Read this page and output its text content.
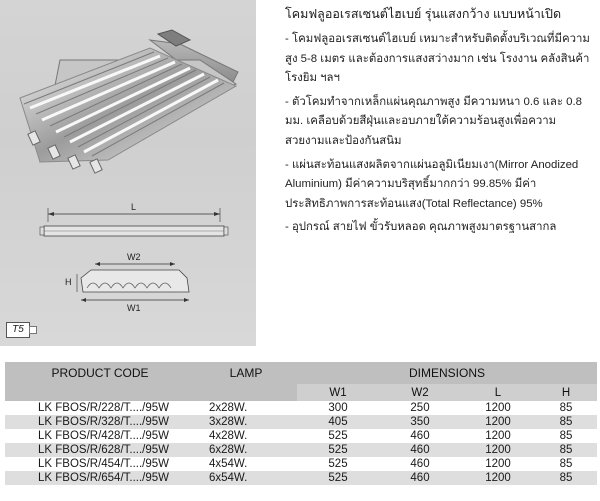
L
W2
H
W1
T5

โคมฟลูออเรสเซนต์ไฮเบย์ รุ่นแสงกว้าง แบบหน้าเปิด

- โคมฟลูออเรสเซนต์ไฮเบย์ เหมาะสำหรับติดตั้งบริเวณที่มีความสูง 5-8 เมตร และต้องการแสงสว่างมาก เช่น โรงงาน คลังสินค้า โรงยิม ฯลฯ
- ตัวโคมทำจากเหล็กแผ่นคุณภาพสูง มีความหนา 0.6 และ 0.8 มม. เคลือบด้วยสีฝุ่นและอบภายใต้ความร้อนสูงเพื่อความสวยงามและป้องกันสนิม
- แผ่นสะท้อนแสงผลิตจากแผ่นอลูมิเนียมเงา(Mirror Anodized Aluminium) มีค่าความบริสุทธิ์มากกว่า 99.85% มีค่าประสิทธิภาพการสะท้อนแสง(Total Reflectance) 95%
- อุปกรณ์ สายไฟ ขั้วรับหลอด คุณภาพสูงมาตรฐานสากล
PRODUCT CODE	LAMP	DIMENSIONS			
		W1	W2	L	H
LK FBOS/R/228/T..../95W	2x28W.	300	250	1200	85
LK FBOS/R/328/T..../95W	3x28W.	405	350	1200	85
LK FBOS/R/428/T..../95W	4x28W.	525	460	1200	85
LK FBOS/R/628/T..../95W	6x28W.	525	460	1200	85
LK FBOS/R/454/T..../95W	4x54W.	525	460	1200	85
LK FBOS/R/654/T..../95W	6x54W.	525	460	1200	85
